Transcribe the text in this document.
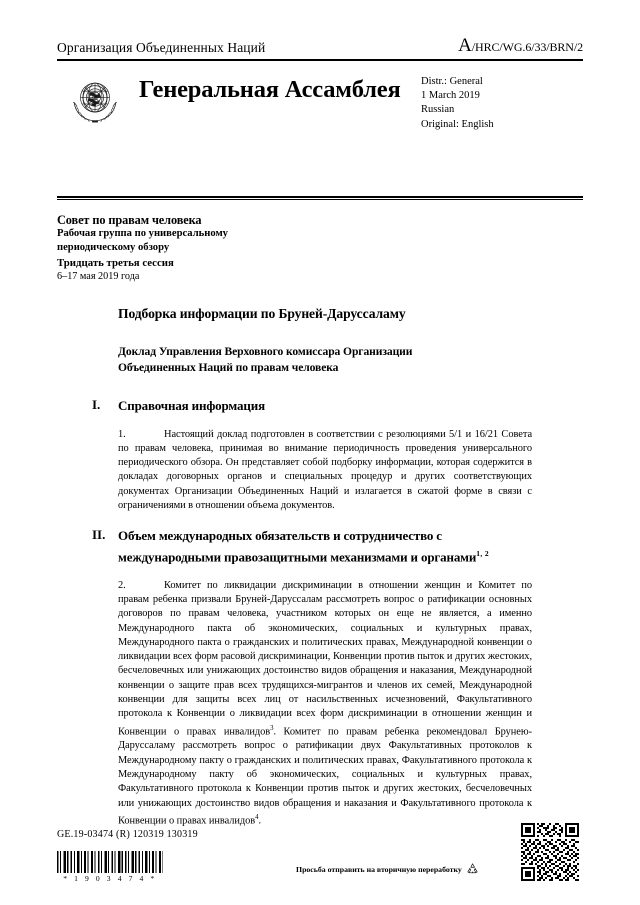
Организация Объединенных Наций	A/HRC/WG.6/33/BRN/2
Генеральная Ассамблея Distr.: General
1 March 2019
Russian
Original: English
Совет по правам человека
Рабочая группа по универсальному
периодическому обзору
Тридцать третья сессия
6–17 мая 2019 года
Подборка информации по Бруней-Даруссаламу
Доклад Управления Верховного комиссара Организации
Объединенных Наций по правам человека
I.	Справочная информация

1.	Настоящий доклад подготовлен в соответствии с резолюциями 5/1 и 16/21 Совета по правам человека, принимая во внимание периодичность проведения универсального периодического обзора. Он представляет собой подборку информации, которая содержится в докладах договорных органов и специальных процедур и других соответствующих документах Организации Объединенных Наций и излагается в сжатой форме в связи с ограничениями в отношении объема документов.

II. Объем международных обязательств и сотрудничество с международными правозащитными механизмами и органами$^{1, 2}$

2.	Комитет по ликвидации дискриминации в отношении женщин и Комитет по правам ребенка призвали Бруней-Даруссалам рассмотреть вопрос о ратификации основных договоров по правам человека, участником которых он еще не является, а именно Международного пакта об экономических, социальных и культурных правах, Международного пакта о гражданских и политических правах, Международной конвенции о ликвидации всех форм расовой дискриминации, Конвенции против пыток и других жестоких, бесчеловечных или унижающих достоинство видов обращения и наказания, Международной конвенции о защите прав всех трудящихся-мигрантов и членов их семей, Международной конвенции для защиты всех лиц от насильственных исчезновений, Факультативного протокола к Конвенции о ликвидации всех форм дискриминации в отношении женщин и Конвенции о правах инвалидов$^3$. Комитет по правам ребенка рекомендовал Брунею-Даруссаламу рассмотреть вопрос о ратификации двух Факультативных протоколов к Международному пакту о гражданских и политических правах, Факультативного протокола к Международному пакту об экономических, социальных и культурных правах, Факультативного протокола к Конвенции против пыток и других жестоких, бесчеловечных или унижающих достоинство видов обращения и наказания и Факультативного протокола к Конвенции о правах инвалидов$^4$.

GE.19-03474 (R) 120319 130319
* 1 9 0 3 4 7 4 *
Просьба отправить на вторичную переработку
